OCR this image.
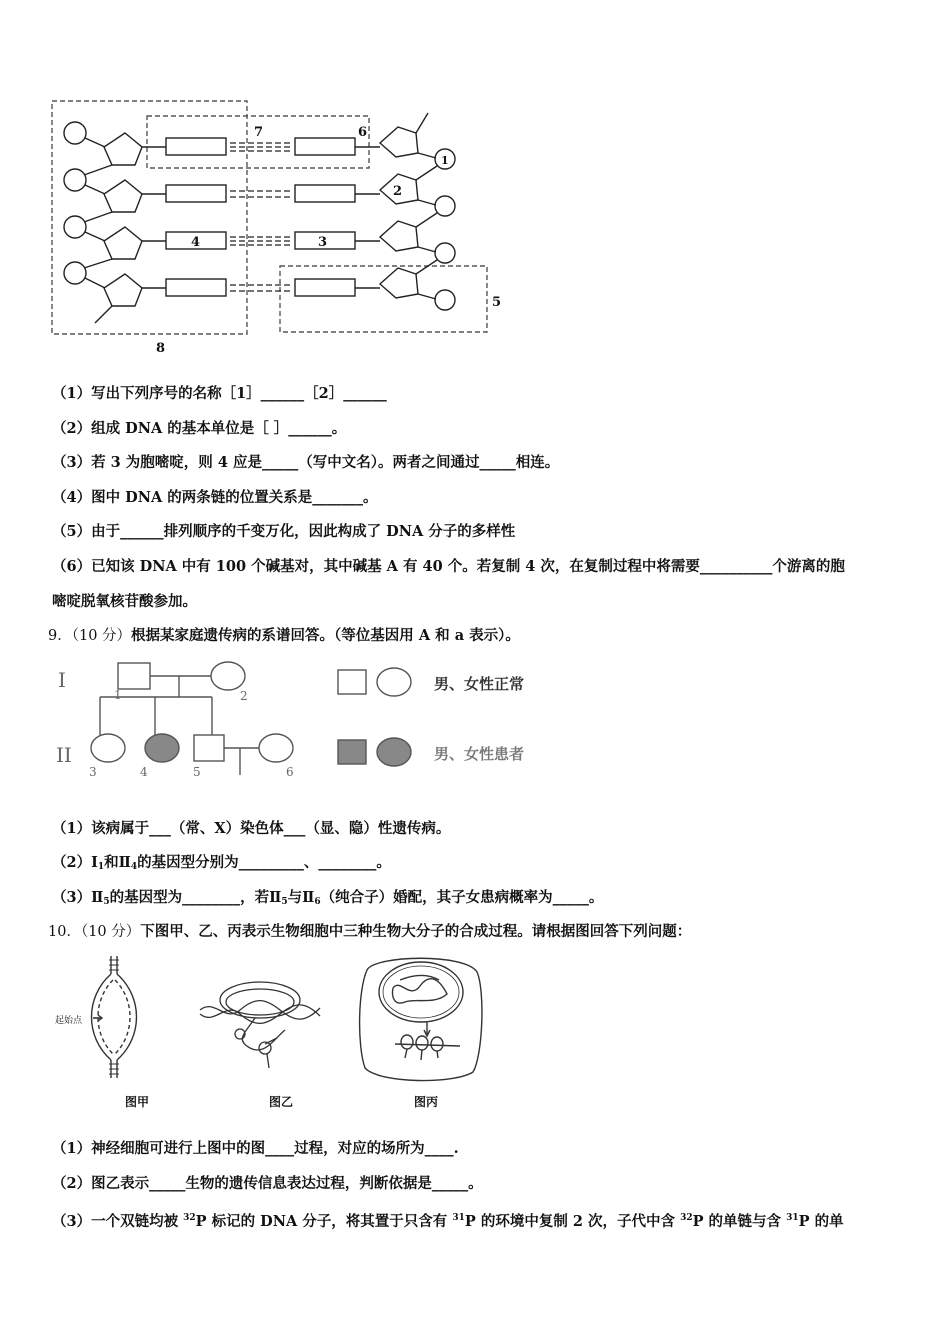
1
2
3
4
5
6
7
8
（1）写出下列序号的名称［1］______［2］______
（2）组成 DNA 的基本单位是［ ］______。
（3）若 3 为胞嘧啶，则 4 应是_____（写中文名）。两者之间通过_____相连。
（4）图中 DNA 的两条链的位置关系是_______。
（5）由于______排列顺序的千变万化，因此构成了 DNA 分子的多样性
（6）已知该 DNA 中有 100 个碱基对，其中碱基 A 有 40 个。若复制 4 次，在复制过程中将需要__________个游离的胞
嘧啶脱氧核苷酸参加。
9．（10 分）根据某家庭遗传病的系谱回答。（等位基因用 A 和 a 表示）。
I
II
1	2
3	4	5	6
男、女性正常
男、女性患者
（1）该病属于___（常、X）染色体___（显、隐）性遗传病。
$(2)Ⅰ_1$和$Ⅱ_4$的基因型分别为_________、________。
$(3)Ⅱ_5$的基因型为________，若$Ⅱ_5$与$Ⅱ_6$（纯合子）婚配，其子女患病概率为_____。
10．（10 分）下图甲、乙、丙表示生物细胞中三种生物大分子的合成过程。请根据图回答下列问题：
起始点
图甲	图乙	图丙
（1）神经细胞可进行上图中的图____过程，对应的场所为____.
（2）图乙表示_____生物的遗传信息表达过程，判断依据是_____。
（3）一个双链均被 $^{32}$P 标记的 DNA 分子，将其置于只含有 $^{31}$P 的环境中复制 2 次，子代中含 $^{32}$P 的单链与含 $^{31}$P 的单
